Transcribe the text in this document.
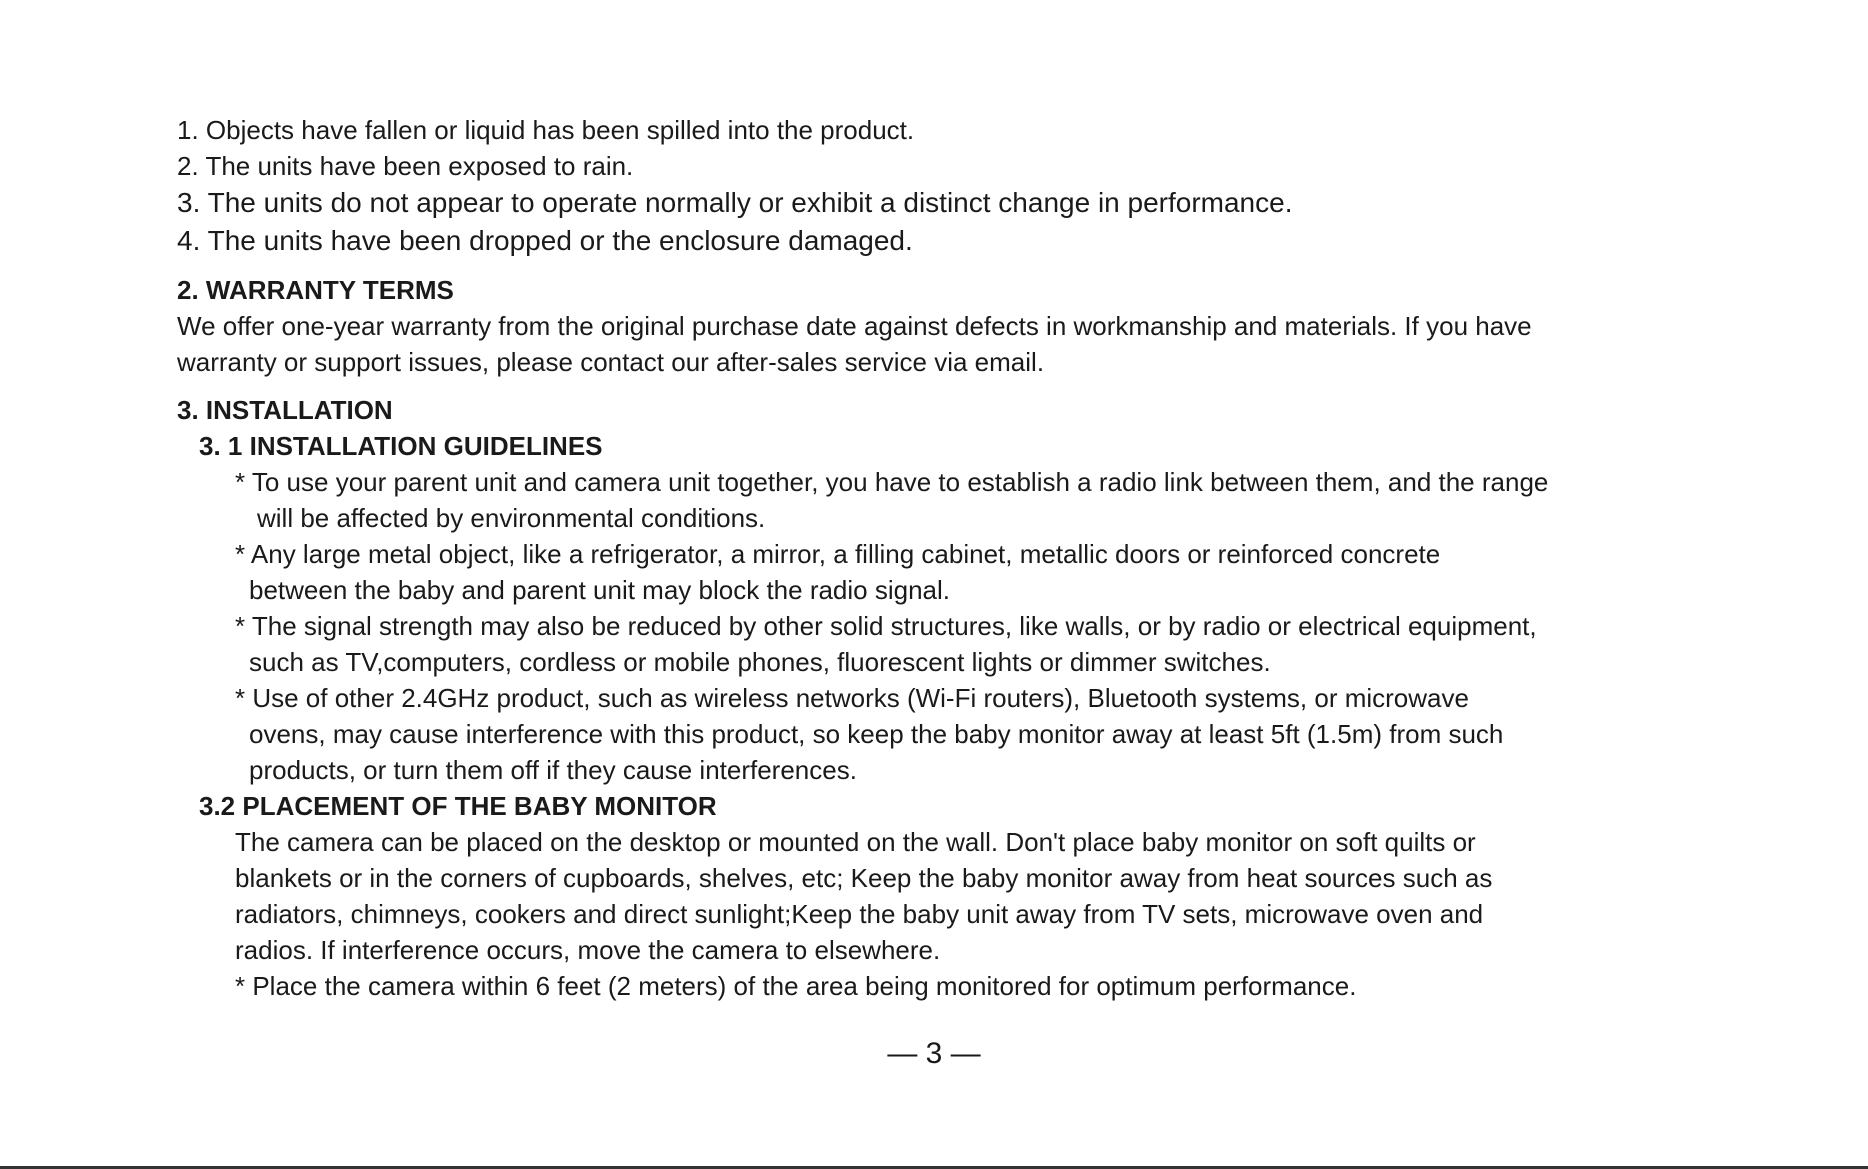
1. Objects have fallen or liquid has been spilled into the product.

2. The units have been exposed to rain.

3. The units do not appear to operate normally or exhibit a distinct change in performance.

4. The units have been dropped or the enclosure damaged.

2. WARRANTY TERMS

We offer one-year warranty from the original purchase date against defects in workmanship and materials. If you have

warranty or support issues, please contact our after-sales service via email.

3. INSTALLATION

3. 1 INSTALLATION GUIDELINES

* To use your parent unit and camera unit together, you have to establish a radio link between them, and the range

will be affected by environmental conditions.

* Any large metal object, like a refrigerator, a mirror, a filling cabinet, metallic doors or reinforced concrete

between the baby and parent unit may block the radio signal.

* The signal strength may also be reduced by other solid structures, like walls, or by radio or electrical equipment,

such as TV,computers, cordless or mobile phones, fluorescent lights or dimmer switches.

* Use of other 2.4GHz product, such as wireless networks (Wi-Fi routers), Bluetooth systems, or microwave

ovens, may cause interference with this product, so keep the baby monitor away at least 5ft (1.5m) from such

products, or turn them off if they cause interferences.

3.2 PLACEMENT OF THE BABY MONITOR

The camera can be placed on the desktop or mounted on the wall. Don't place baby monitor on soft quilts or

blankets or in the corners of cupboards, shelves, etc; Keep the baby monitor away from heat sources such as

radiators, chimneys, cookers and direct sunlight;Keep the baby unit away from TV sets, microwave oven and

radios. If interference occurs, move the camera to elsewhere.

* Place the camera within 6 feet (2 meters) of the area being monitored for optimum performance.

— 3 —
